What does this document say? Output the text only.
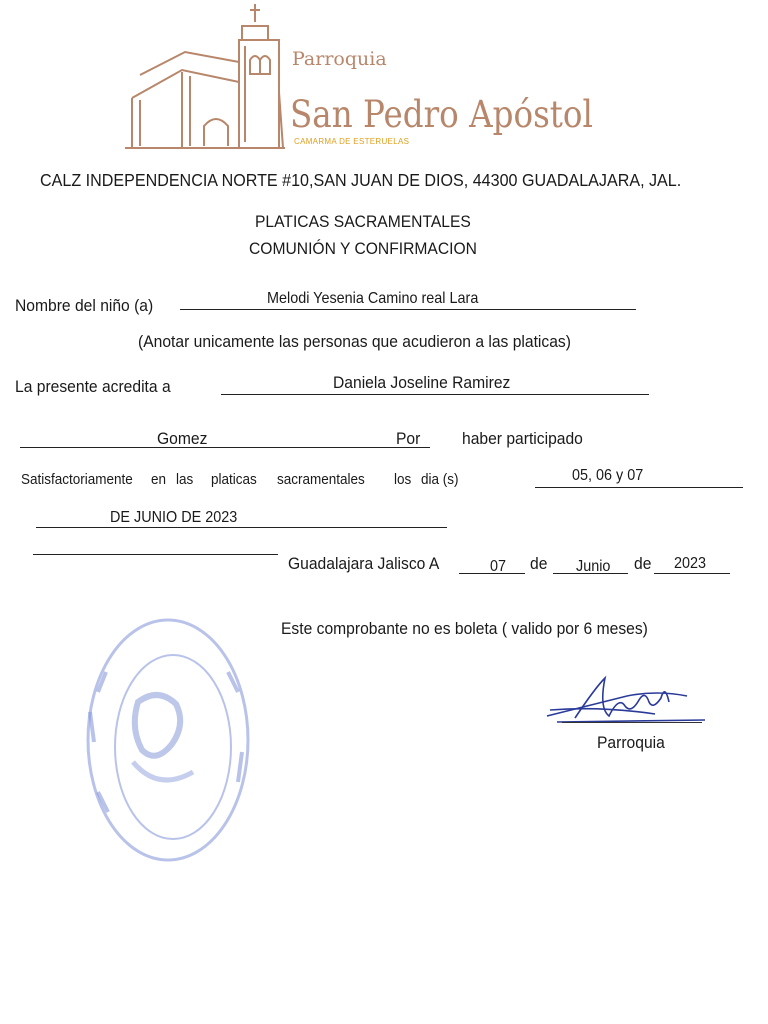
Parroquia
San Pedro Apóstol
CAMARMA DE ESTERUELAS
CALZ INDEPENDENCIA NORTE #10,SAN JUAN DE DIOS, 44300 GUADALAJARA, JAL.
PLATICAS SACRAMENTALES
COMUNIÓN Y CONFIRMACION
Nombre del niño (a)	Melodi Yesenia Camino real Lara
(Anotar unicamente las personas que acudieron a las platicas)
La presente acredita a	Daniela Joseline Ramirez
Gomez	Por haber participado
Satisfactoriamente en las platicas sacramentales los dia (s)	05, 06 y 07
DE JUNIO DE 2023
Guadalajara Jalisco A	07 de Junio de 2023
Este comprobante no es boleta ( valido por 6 meses)
Parroquia
